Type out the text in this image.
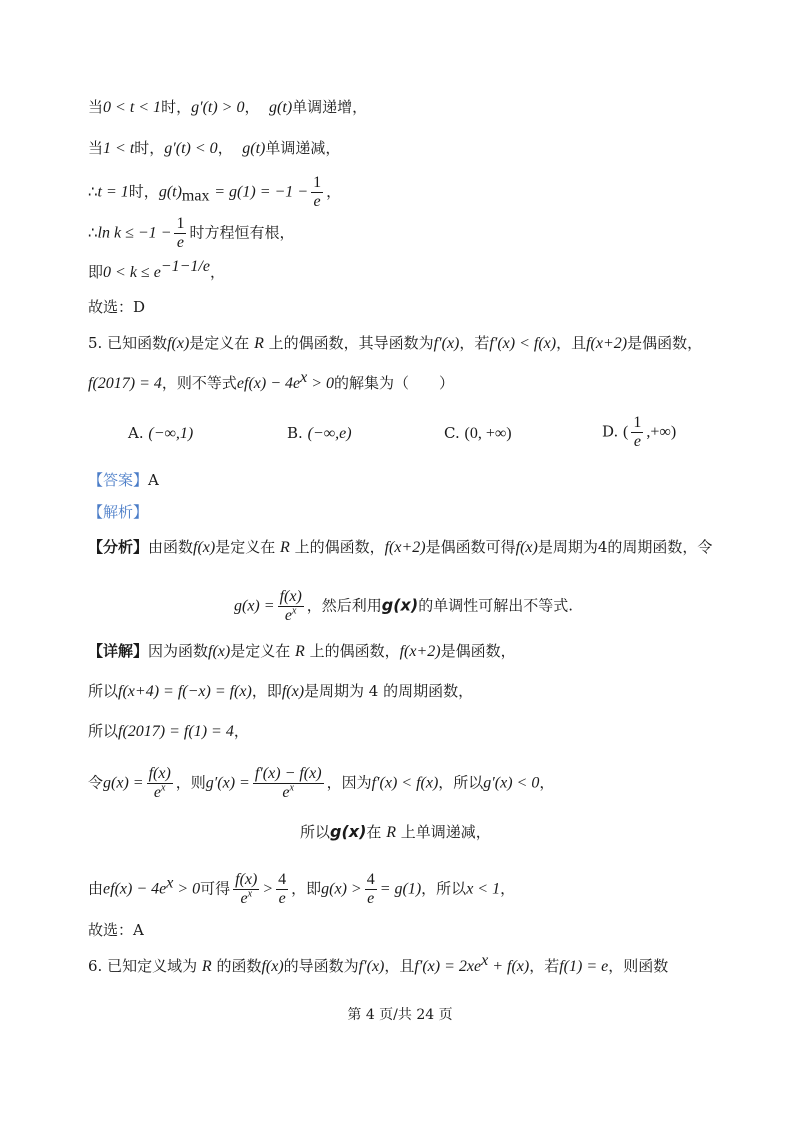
当0 < t < 1时，g′(t) > 0， g(t)单调递增，
当1 < t时，g′(t) < 0， g(t)单调递减，
∴t = 1时，$g(t)_{max} = g(1) = -1 - \frac{1}{e}$ ，
∴ln $k \le -1 - \frac{1}{e}$ 时方程恒有根，
即$0 < k \le e^{-1-1/e}$，
故选：D
5. 已知函数f(x)是定义在 R 上的偶函数，其导函数为f′(x)，若f′(x) < f(x)，且f(x+2)是偶函数，
f(2017) = 4，则不等式$ef(x) - 4e^x > 0$的解集为（　　）
A. (−∞,1)	B. (−∞,e)	C. (0, +∞)	D. ( $\frac{1}{e}$ ,+∞)
【答案】A
【解析】
【分析】由函数f(x)是定义在 R 上的偶函数，f(x+2)是偶函数可得f(x)是周期为4的周期函数，令
$g(x) = \frac{f(x)}{e^x}$ ，然后利用g(x)的单调性可解出不等式.
【详解】因为函数f(x)是定义在 R 上的偶函数，f(x+2)是偶函数，
所以f(x+4) = f(−x) = f(x)，即f(x)是周期为 4 的周期函数，
所以f(2017) = f(1) = 4，
令$g(x) = \frac{f(x)}{e^x}$ ，则$g'(x) = \frac{f'(x) - f(x)}{e^x}$ ，因为f′(x) < f(x)，所以g′(x) < 0，
所以g(x)在 R 上单调递减，
由$ef(x) - 4e^x > 0$可得 $\frac{f(x)}{e^x} > \frac{4}{e}$ ，即$g(x) > \frac{4}{e} = g(1)$，所以x < 1，
故选：A
6. 已知定义域为 R 的函数f(x)的导函数为f′(x)，且$f'(x) = 2xe^x + f(x)$，若f(1) = e，则函数
第 4 页/共 24 页
